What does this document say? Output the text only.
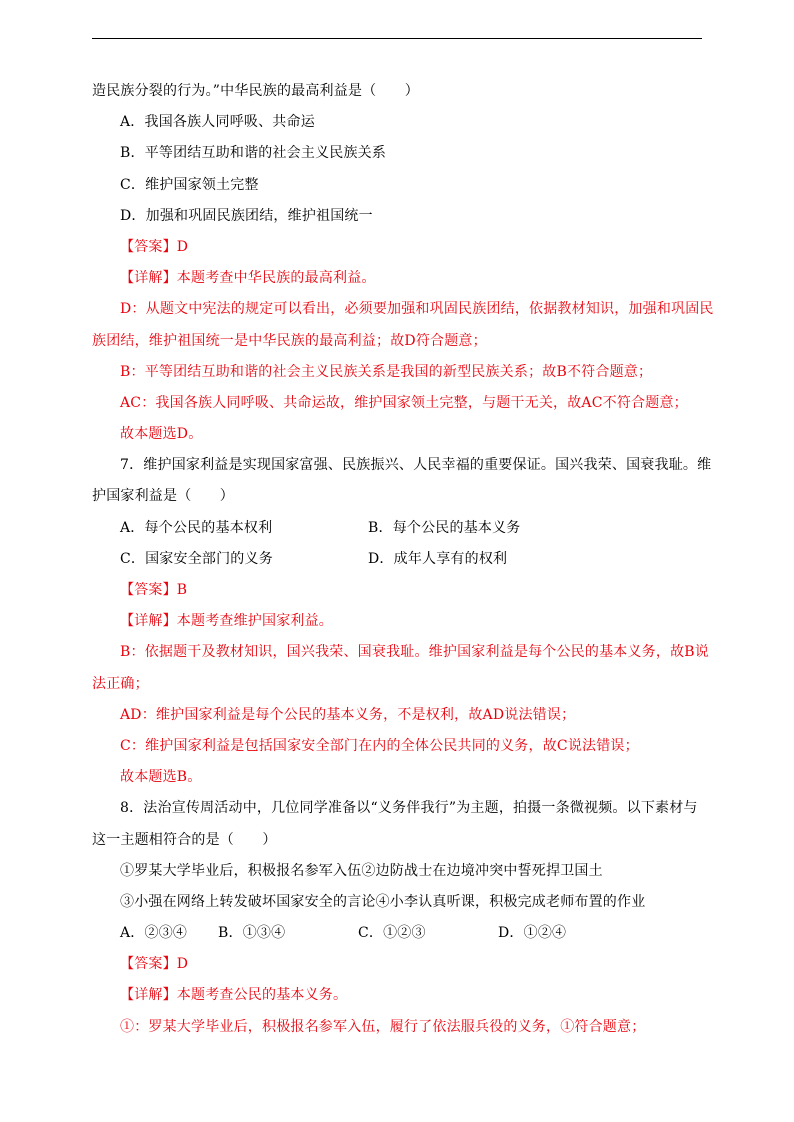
造民族分裂的行为。”中华民族的最高利益是（　　）
A．我国各族人同呼吸、共命运
B．平等团结互助和谐的社会主义民族关系
C．维护国家领土完整
D．加强和巩固民族团结，维护祖国统一
【答案】D
【详解】本题考查中华民族的最高利益。
D：从题文中宪法的规定可以看出，必须要加强和巩固民族团结，依据教材知识，加强和巩固民
族团结，维护祖国统一是中华民族的最高利益；故D符合题意；
B：平等团结互助和谐的社会主义民族关系是我国的新型民族关系；故B不符合题意；
AC：我国各族人同呼吸、共命运故，维护国家领土完整，与题干无关，故AC不符合题意；
故本题选D。
7．维护国家利益是实现国家富强、民族振兴、人民幸福的重要保证。国兴我荣、国衰我耻。维
护国家利益是（　　）
A．每个公民的基本权利	B．每个公民的基本义务
C．国家安全部门的义务	D．成年人享有的权利
【答案】B
【详解】本题考查维护国家利益。
B：依据题干及教材知识，国兴我荣、国衰我耻。维护国家利益是每个公民的基本义务，故B说
法正确；
AD：维护国家利益是每个公民的基本义务，不是权利，故AD说法错误；
C：维护国家利益是包括国家安全部门在内的全体公民共同的义务，故C说法错误；
故本题选B。
8．法治宣传周活动中，几位同学准备以“义务伴我行”为主题，拍摄一条微视频。以下素材与
这一主题相符合的是（　　）
①罗某大学毕业后，积极报名参军入伍②边防战士在边境冲突中誓死捍卫国土
③小强在网络上转发破坏国家安全的言论④小李认真听课，积极完成老师布置的作业
A．②③④	B．①③④	C．①②③	D．①②④
【答案】D
【详解】本题考查公民的基本义务。
①：罗某大学毕业后，积极报名参军入伍，履行了依法服兵役的义务，①符合题意；
